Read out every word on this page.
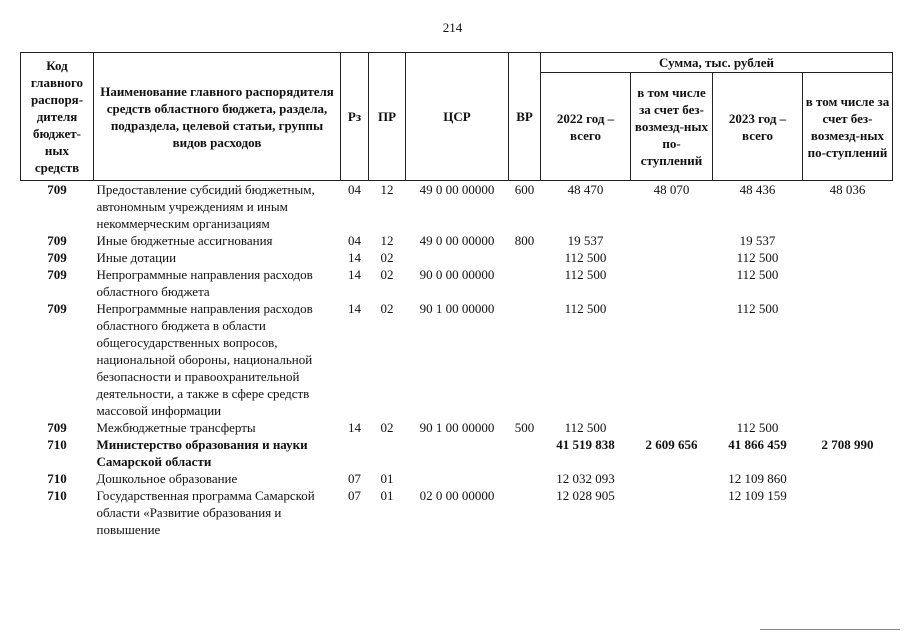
214
Код главного распоря-дителя бюджет-ных средств	Наименование главного распорядителя средств областного бюджета, раздела, подраздела, целевой статьи, группы видов расходов	Рз	ПР	ЦСР	ВР	Сумма, тыс. рублей			
						2022 год – всего	в том числе за счет без-возмезд-ных по-ступлений	2023 год – всего	в том числе за счет без-возмезд-ных по-ступлений
709	Предоставление субсидий бюджетным, автономным учреждениям и иным некоммерческим организациям	04	12	49 0 00 00000	600	48 470	48 070	48 436	48 036
709	Иные бюджетные ассигнования	04	12	49 0 00 00000	800	19 537		19 537	
709	Иные дотации	14	02			112 500		112 500	
709	Непрограммные направления расходов областного бюджета	14	02	90 0 00 00000		112 500		112 500	
709	Непрограммные направления расходов областного бюджета в области общегосударственных вопросов, национальной обороны, национальной безопасности и правоохранительной деятельности, а также в сфере средств массовой информации	14	02	90 1 00 00000		112 500		112 500	
709	Межбюджетные трансферты	14	02	90 1 00 00000	500	112 500		112 500	
710	Министерство образования и науки Самарской области					41 519 838	2 609 656	41 866 459	2 708 990
710	Дошкольное образование	07	01			12 032 093		12 109 860	
710	Государственная программа Самарской области «Развитие образования и повышение	07	01	02 0 00 00000		12 028 905		12 109 159	
